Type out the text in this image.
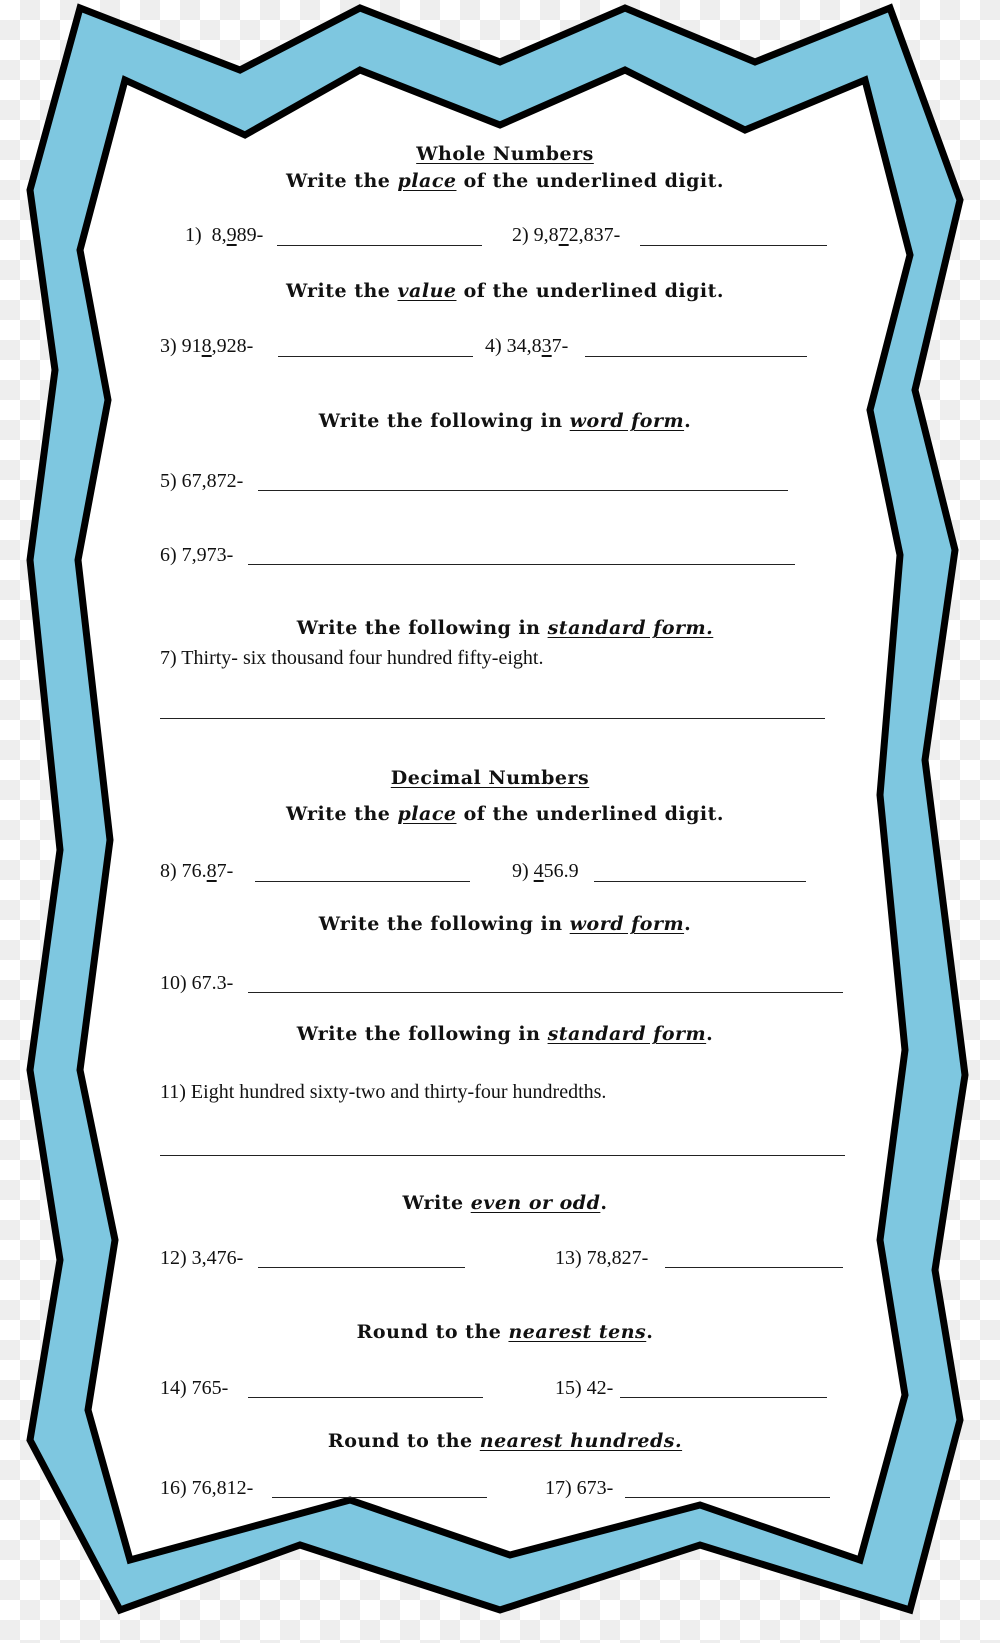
Whole Numbers
Write the place of the underlined digit.
1) 8,989-	2) 9,872,837-
Write the value of the underlined digit.
3) 918,928-	4) 34,837-
Write the following in word form.
5) 67,872-
6) 7,973-
Write the following in standard form.
7) Thirty- six thousand four hundred fifty-eight.
Decimal Numbers
Write the place of the underlined digit.
8) 76.87-	9) 456.9
Write the following in word form.
10) 67.3-
Write the following in standard form.
11) Eight hundred sixty-two and thirty-four hundredths.
Write even or odd.
12) 3,476-	13) 78,827-
Round to the nearest tens.
14) 765-	15) 42-
Round to the nearest hundreds.
16) 76,812-	17) 673-
